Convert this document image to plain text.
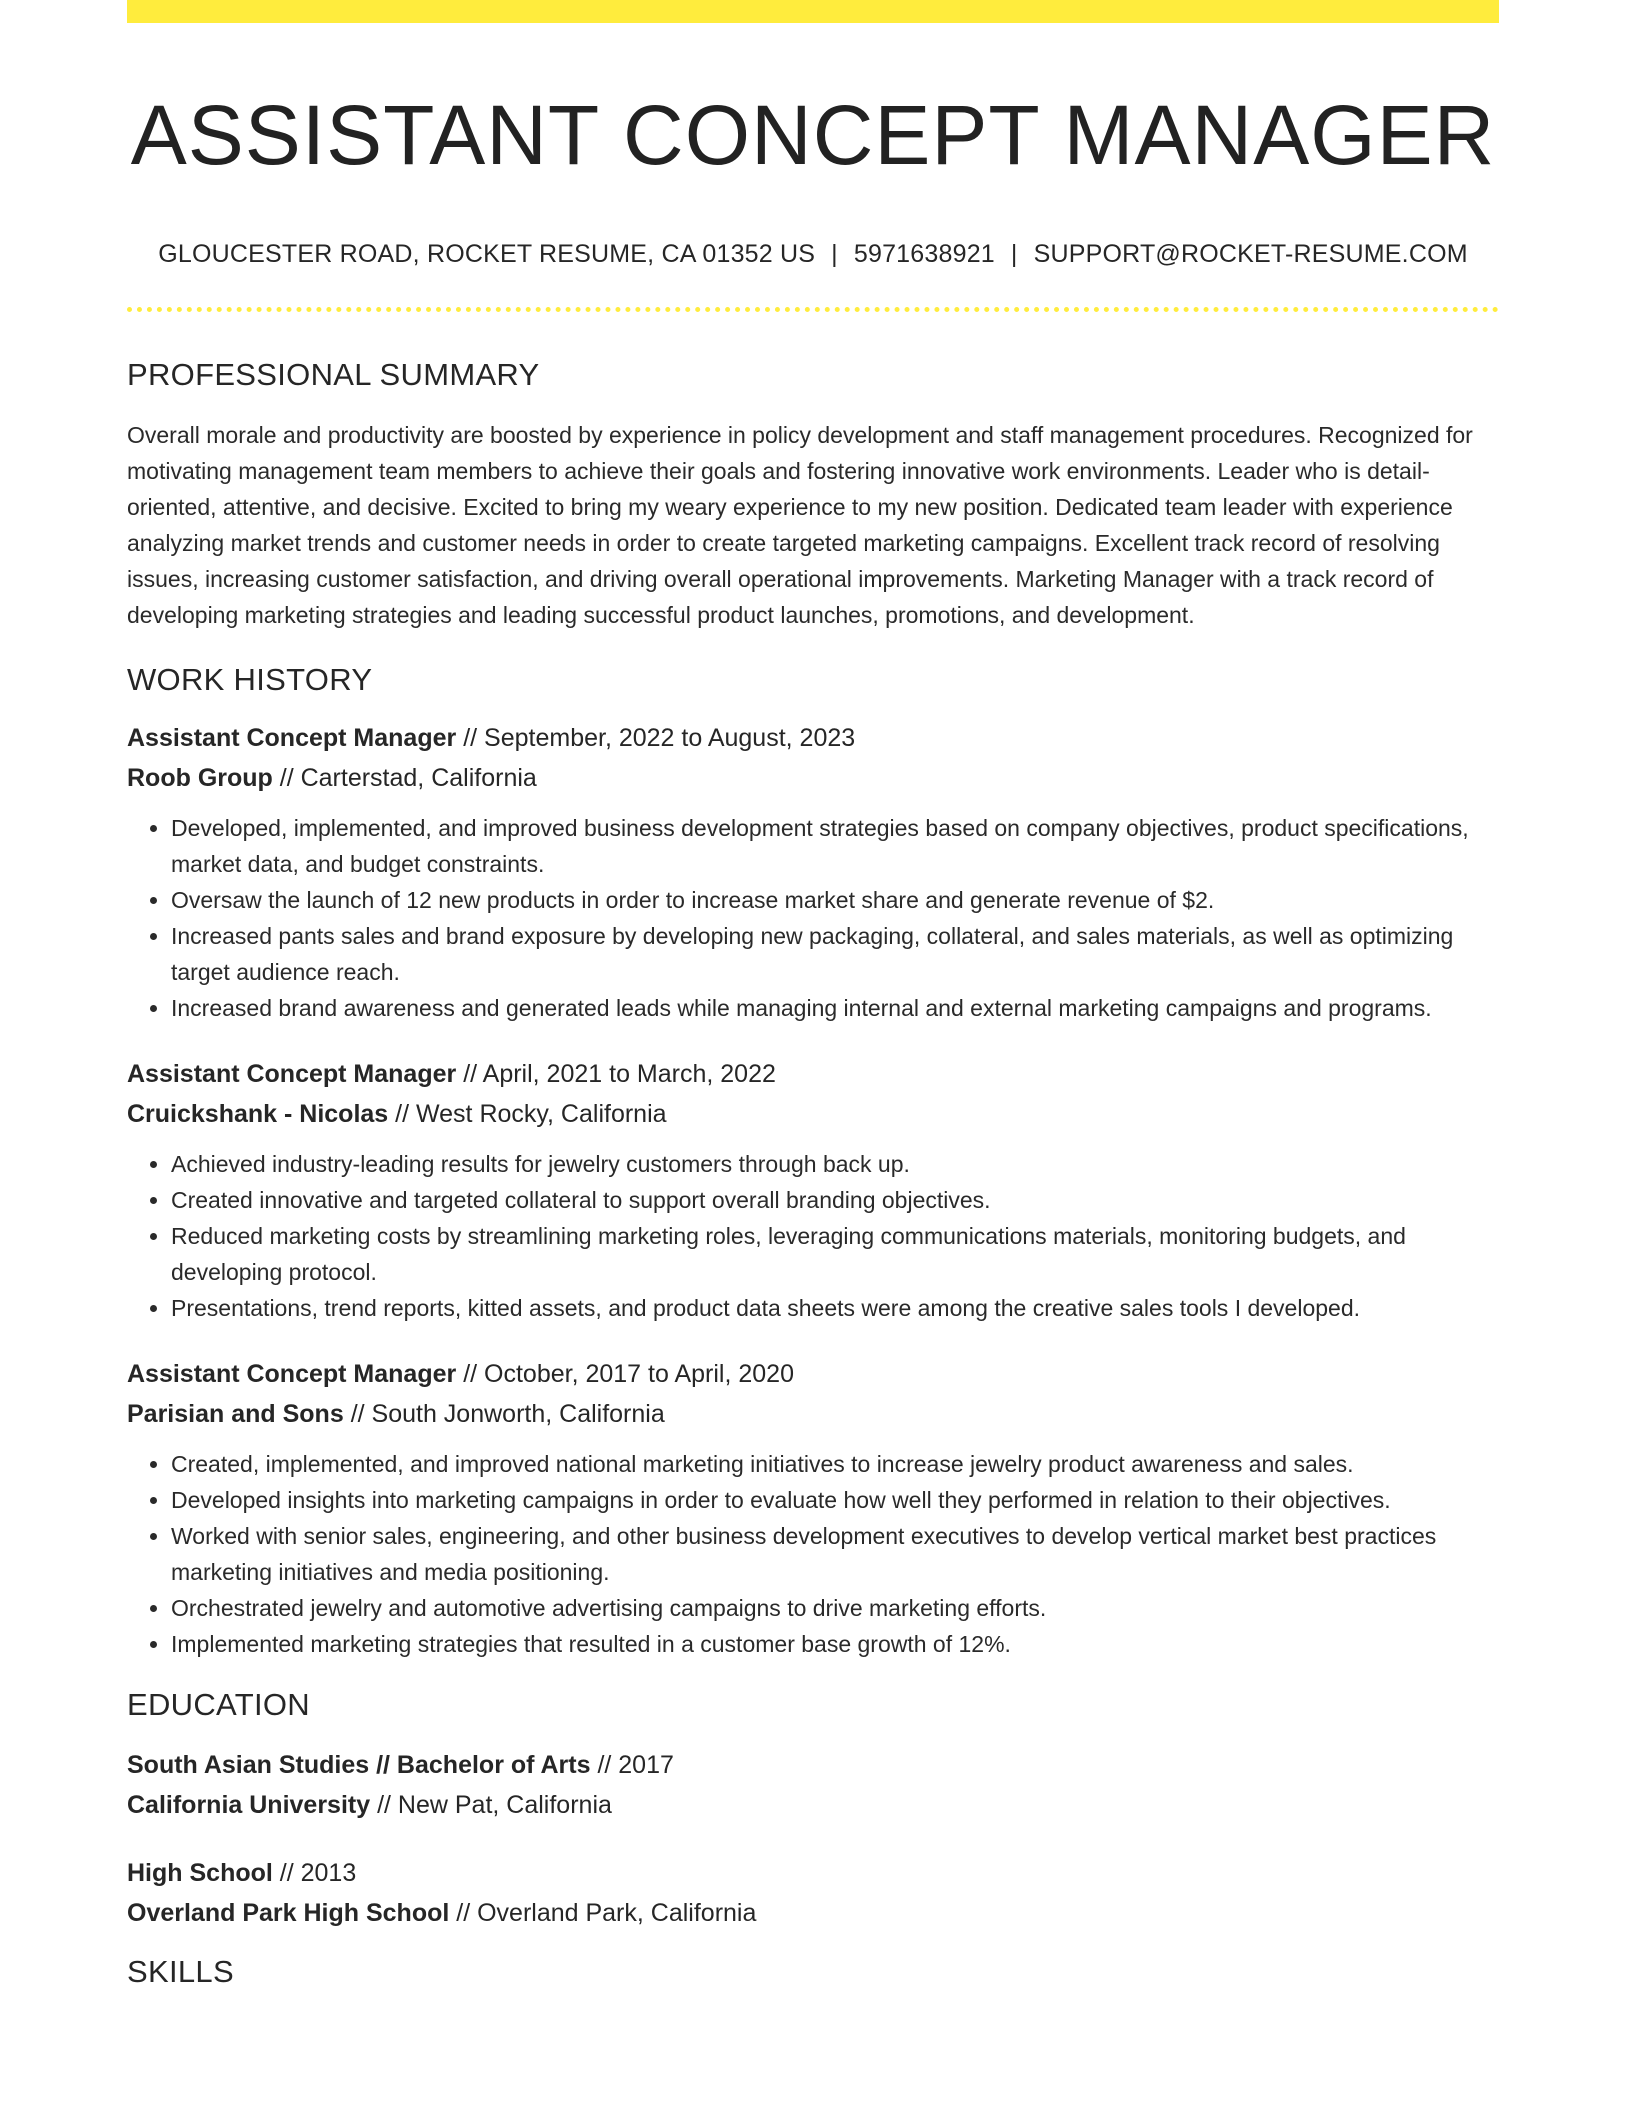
ASSISTANT CONCEPT MANAGER
GLOUCESTER ROAD, ROCKET RESUME, CA 01352 US | 5971638921 | SUPPORT@ROCKET-RESUME.COM
PROFESSIONAL SUMMARY

Overall morale and productivity are boosted by experience in policy development and staff management procedures. Recognized for motivating management team members to achieve their goals and fostering innovative work environments. Leader who is detail-oriented, attentive, and decisive. Excited to bring my weary experience to my new position. Dedicated team leader with experience analyzing market trends and customer needs in order to create targeted marketing campaigns. Excellent track record of resolving issues, increasing customer satisfaction, and driving overall operational improvements. Marketing Manager with a track record of developing marketing strategies and leading successful product launches, promotions, and development.

WORK HISTORY
Assistant Concept Manager // September, 2022 to August, 2023
Roob Group // Carterstad, California
• Developed, implemented, and improved business development strategies based on company objectives, product specifications, market data, and budget constraints.
• Oversaw the launch of 12 new products in order to increase market share and generate revenue of $2.
• Increased pants sales and brand exposure by developing new packaging, collateral, and sales materials, as well as optimizing target audience reach.
• Increased brand awareness and generated leads while managing internal and external marketing campaigns and programs.
Assistant Concept Manager // April, 2021 to March, 2022
Cruickshank - Nicolas // West Rocky, California
• Achieved industry-leading results for jewelry customers through back up.
• Created innovative and targeted collateral to support overall branding objectives.
• Reduced marketing costs by streamlining marketing roles, leveraging communications materials, monitoring budgets, and developing protocol.
• Presentations, trend reports, kitted assets, and product data sheets were among the creative sales tools I developed.
Assistant Concept Manager // October, 2017 to April, 2020
Parisian and Sons // South Jonworth, California
• Created, implemented, and improved national marketing initiatives to increase jewelry product awareness and sales.
• Developed insights into marketing campaigns in order to evaluate how well they performed in relation to their objectives.
• Worked with senior sales, engineering, and other business development executives to develop vertical market best practices marketing initiatives and media positioning.
• Orchestrated jewelry and automotive advertising campaigns to drive marketing efforts.
• Implemented marketing strategies that resulted in a customer base growth of 12%.
EDUCATION
South Asian Studies // Bachelor of Arts // 2017
California University // New Pat, California
High School // 2013
Overland Park High School // Overland Park, California
SKILLS
